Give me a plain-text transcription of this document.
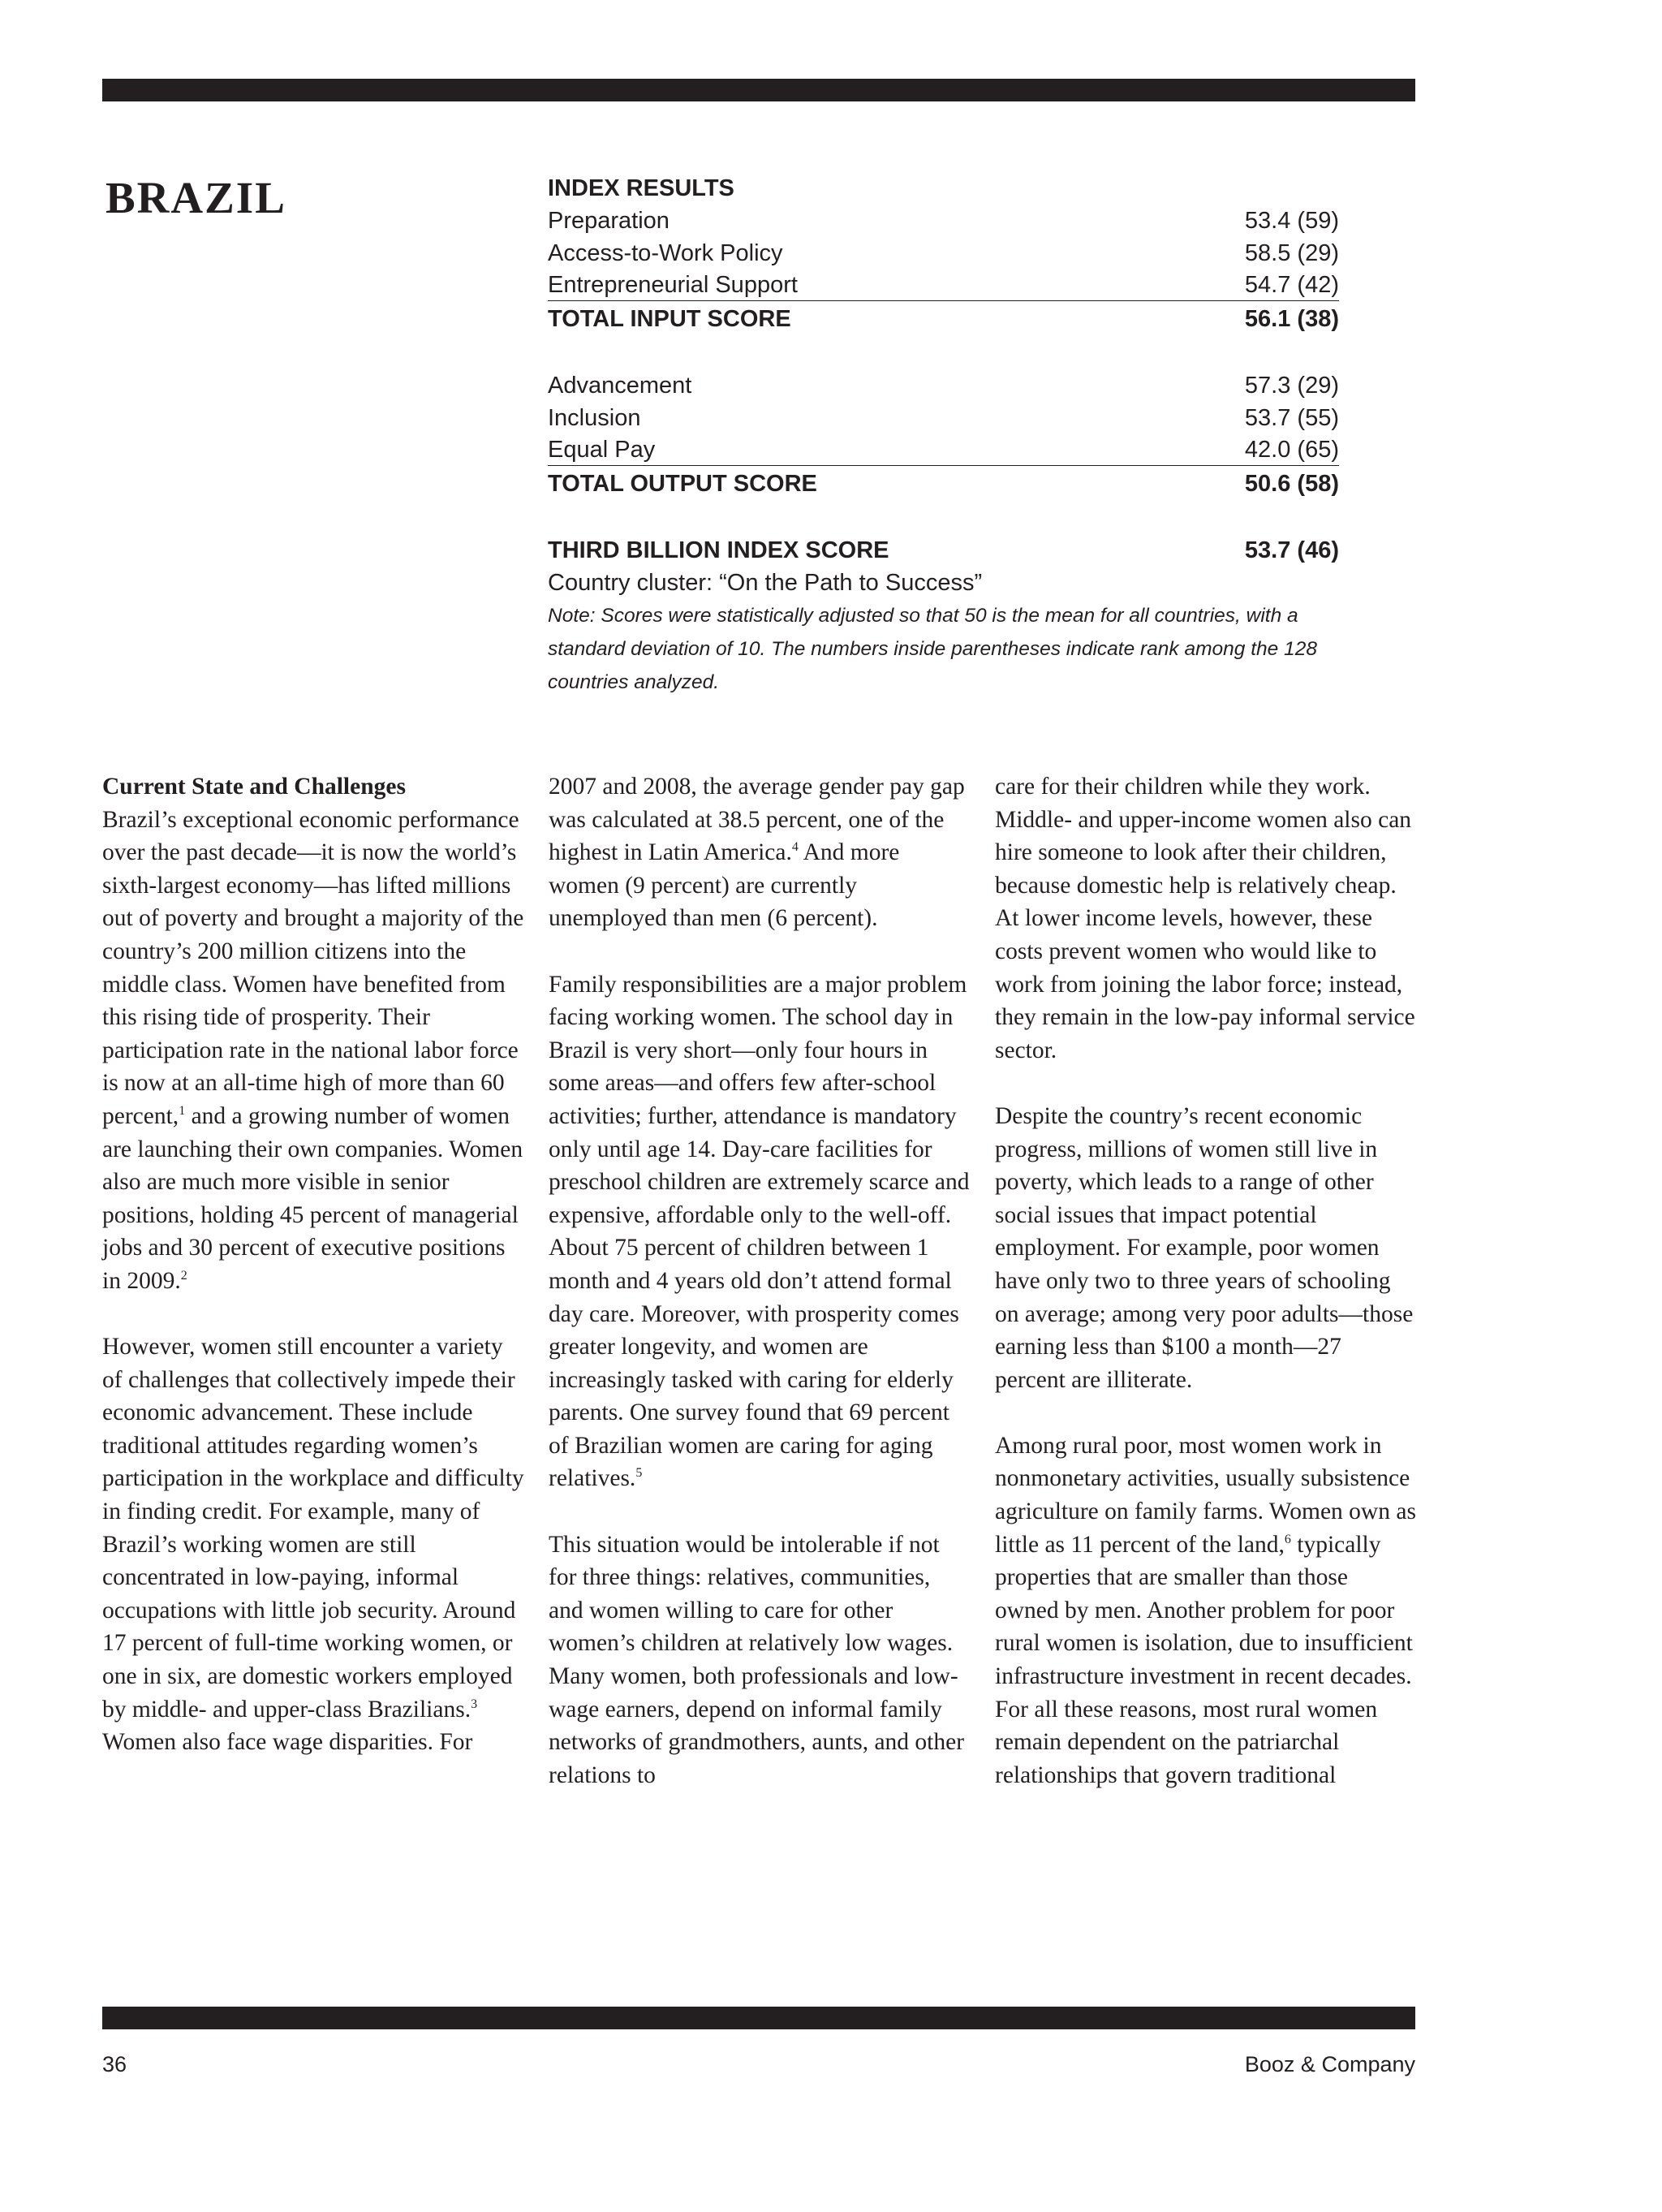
BRAZIL	INDEX RESULTS
Preparation	53.4 (59)
Access-to-Work Policy	58.5 (29)
Entrepreneurial Support	54.7 (42)
TOTAL INPUT SCORE	56.1 (38)
Advancement	57.3 (29)
Inclusion	53.7 (55)
Equal Pay	42.0 (65)
TOTAL OUTPUT SCORE	50.6 (58)
THIRD BILLION INDEX SCORE	53.7 (46)
Country cluster: “On the Path to Success”
Note: Scores were statistically adjusted so that 50 is the mean for all countries, with a standard deviation of 10. The numbers inside parentheses indicate rank among the 128 countries analyzed.

Current State and Challenges
Brazil’s exceptional economic performance over the past decade—it is now the world’s sixth-largest economy—has lifted millions out of poverty and brought a majority of the country’s 200 million citizens into the middle class. Women have benefited from this rising tide of prosperity. Their participation rate in the national labor force is now at an all-time high of more than 60 percent,$^1$ and a growing number of women are launching their own companies. Women also are much more visible in senior positions, holding 45 percent of managerial jobs and 30 percent of executive positions in 2009.$^2$

However, women still encounter a variety of challenges that collectively impede their economic advancement. These include traditional attitudes regarding women’s participation in the workplace and difficulty in finding credit. For example, many of Brazil’s working women are still concentrated in low-paying, informal occupations with little job security. Around 17 percent of full-time working women, or one in six, are domestic workers employed by middle- and upper-class Brazilians.$^3$ Women also face wage disparities. For

2007 and 2008, the average gender pay gap was calculated at 38.5 percent, one of the highest in Latin America.$^4$ And more women (9 percent) are currently unemployed than men (6 percent).

Family responsibilities are a major problem facing working women. The school day in Brazil is very short—only four hours in some areas—and offers few after-school activities; further, attendance is mandatory only until age 14. Day-care facilities for preschool children are extremely scarce and expensive, affordable only to the well-off. About 75 percent of children between 1 month and 4 years old don’t attend formal day care. Moreover, with prosperity comes greater longevity, and women are increasingly tasked with caring for elderly parents. One survey found that 69 percent of Brazilian women are caring for aging relatives.$^5$

This situation would be intolerable if not for three things: relatives, communities, and women willing to care for other women’s children at relatively low wages. Many women, both professionals and low-wage earners, depend on informal family networks of grandmothers, aunts, and other relations to

care for their children while they work. Middle- and upper-income women also can hire someone to look after their children, because domestic help is relatively cheap. At lower income levels, however, these costs prevent women who would like to work from joining the labor force; instead, they remain in the low-pay informal service sector.

Despite the country’s recent economic progress, millions of women still live in poverty, which leads to a range of other social issues that impact potential employment. For example, poor women have only two to three years of schooling on average; among very poor adults—those earning less than $100 a month—27 percent are illiterate.

Among rural poor, most women work in nonmonetary activities, usually subsistence agriculture on family farms. Women own as little as 11 percent of the land,$^6$ typically properties that are smaller than those owned by men. Another problem for poor rural women is isolation, due to insufficient infrastructure investment in recent decades. For all these reasons, most rural women remain dependent on the patriarchal relationships that govern traditional

36	Booz & Company
